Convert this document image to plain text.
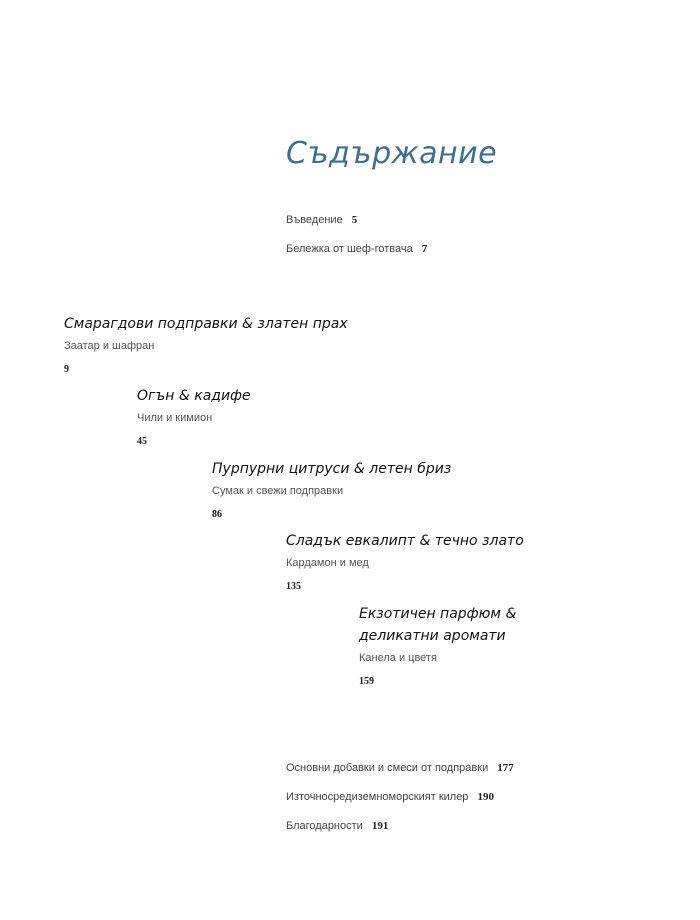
Съдържание
Въведение 5
Бележка от шеф-готвача 7
Смарагдови подправки & златен прах
Заатар и шафран
9
Огън & кадифе
Чили и кимион
45
Пурпурни цитруси & летен бриз
Сумак и свежи подправки
86
Сладък евкалипт & течно злато
Кардамон и мед
135
Екзотичен парфюм &
деликатни аромати
Канела и цветя
159
Основни добавки и смеси от подправки 177
Източносредиземноморският килер 190
Благодарности 191
